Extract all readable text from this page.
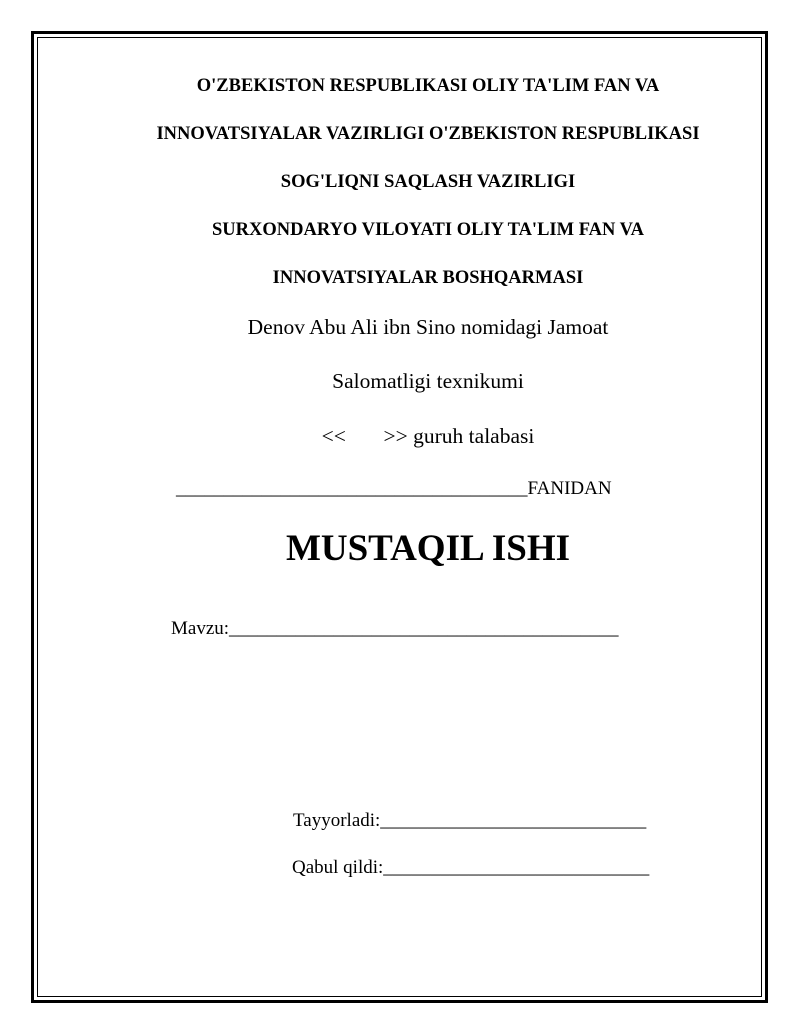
O'ZBEKISTON RESPUBLIKASI OLIY TA'LIM FAN VA
INNOVATSIYALAR VAZIRLIGI O'ZBEKISTON RESPUBLIKASI
SOG'LIQNI SAQLASH VAZIRLIGI
SURXONDARYO VILOYATI OLIY TA'LIM FAN VA
INNOVATSIYALAR BOSHQARMASI
Denov Abu Ali ibn Sino nomidagi Jamoat
Salomatligi texnikumi
<<       >> guruh talabasi
_____________________________________FANIDAN
MUSTAQIL ISHI
Mavzu:_________________________________________
Tayyorladi:____________________________
Qabul qildi:____________________________
